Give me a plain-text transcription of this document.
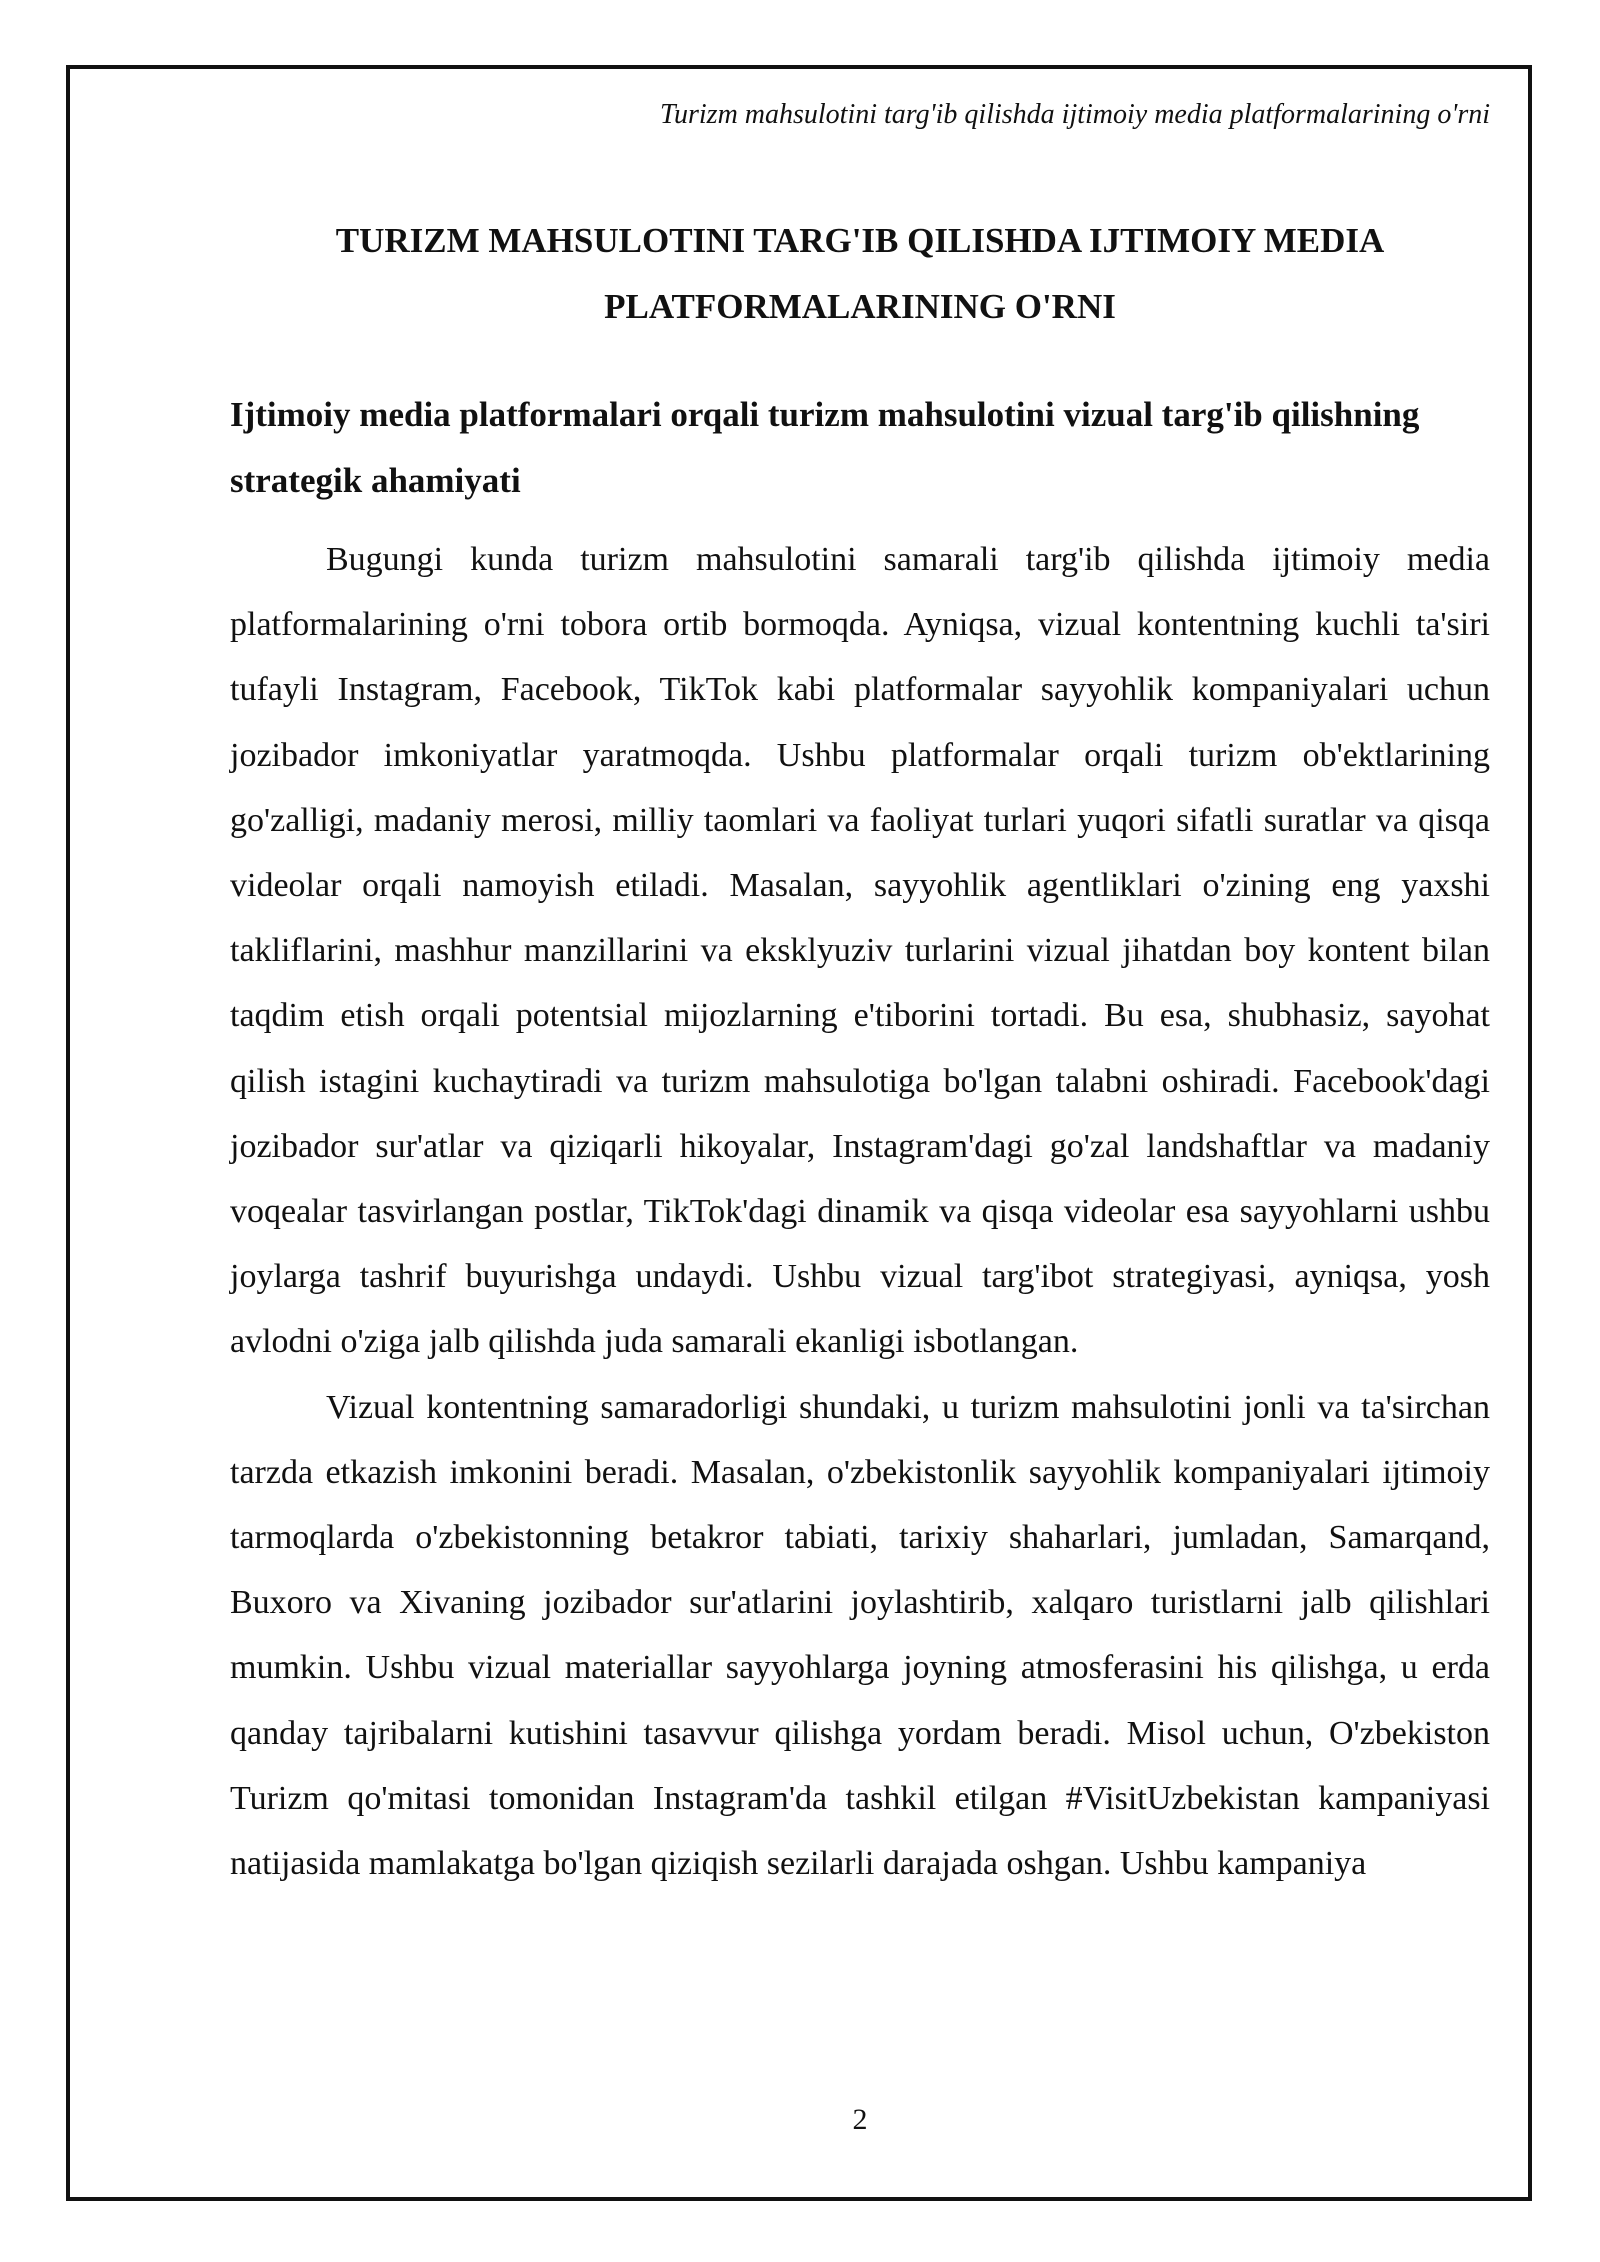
Turizm mahsulotini targ'ib qilishda ijtimoiy media platformalarining o'rni
TURIZM MAHSULOTINI TARG'IB QILISHDA IJTIMOIY MEDIA PLATFORMALARINING O'RNI
Ijtimoiy media platformalari orqali turizm mahsulotini vizual targ'ib qilishning strategik ahamiyati

Bugungi kunda turizm mahsulotini samarali targ'ib qilishda ijtimoiy media platformalarining o'rni tobora ortib bormoqda. Ayniqsa, vizual kontentning kuchli ta'siri tufayli Instagram, Facebook, TikTok kabi platformalar sayyohlik kompaniyalari uchun jozibador imkoniyatlar yaratmoqda. Ushbu platformalar orqali turizm ob'ektlarining go'zalligi, madaniy merosi, milliy taomlari va faoliyat turlari yuqori sifatli suratlar va qisqa videolar orqali namoyish etiladi. Masalan, sayyohlik agentliklari o'zining eng yaxshi takliflarini, mashhur manzillarini va eksklyuziv turlarini vizual jihatdan boy kontent bilan taqdim etish orqali potentsial mijozlarning e'tiborini tortadi. Bu esa, shubhasiz, sayohat qilish istagini kuchaytiradi va turizm mahsulotiga bo'lgan talabni oshiradi. Facebook'dagi jozibador sur'atlar va qiziqarli hikoyalar, Instagram'dagi go'zal landshaftlar va madaniy voqealar tasvirlangan postlar, TikTok'dagi dinamik va qisqa videolar esa sayyohlarni ushbu joylarga tashrif buyurishga undaydi. Ushbu vizual targ'ibot strategiyasi, ayniqsa, yosh avlodni o'ziga jalb qilishda juda samarali ekanligi isbotlangan.

Vizual kontentning samaradorligi shundaki, u turizm mahsulotini jonli va ta'sirchan tarzda etkazish imkonini beradi. Masalan, o'zbekistonlik sayyohlik kompaniyalari ijtimoiy tarmoqlarda o'zbekistonning betakror tabiati, tarixiy shaharlari, jumladan, Samarqand, Buxoro va Xivaning jozibador sur'atlarini joylashtirib, xalqaro turistlarni jalb qilishlari mumkin. Ushbu vizual materiallar sayyohlarga joyning atmosferasini his qilishga, u erda qanday tajribalarni kutishini tasavvur qilishga yordam beradi. Misol uchun, O'zbekiston Turizm qo'mitasi tomonidan Instagram'da tashkil etilgan #VisitUzbekistan kampaniyasi natijasida mamlakatga bo'lgan qiziqish sezilarli darajada oshgan. Ushbu kampaniya

2
